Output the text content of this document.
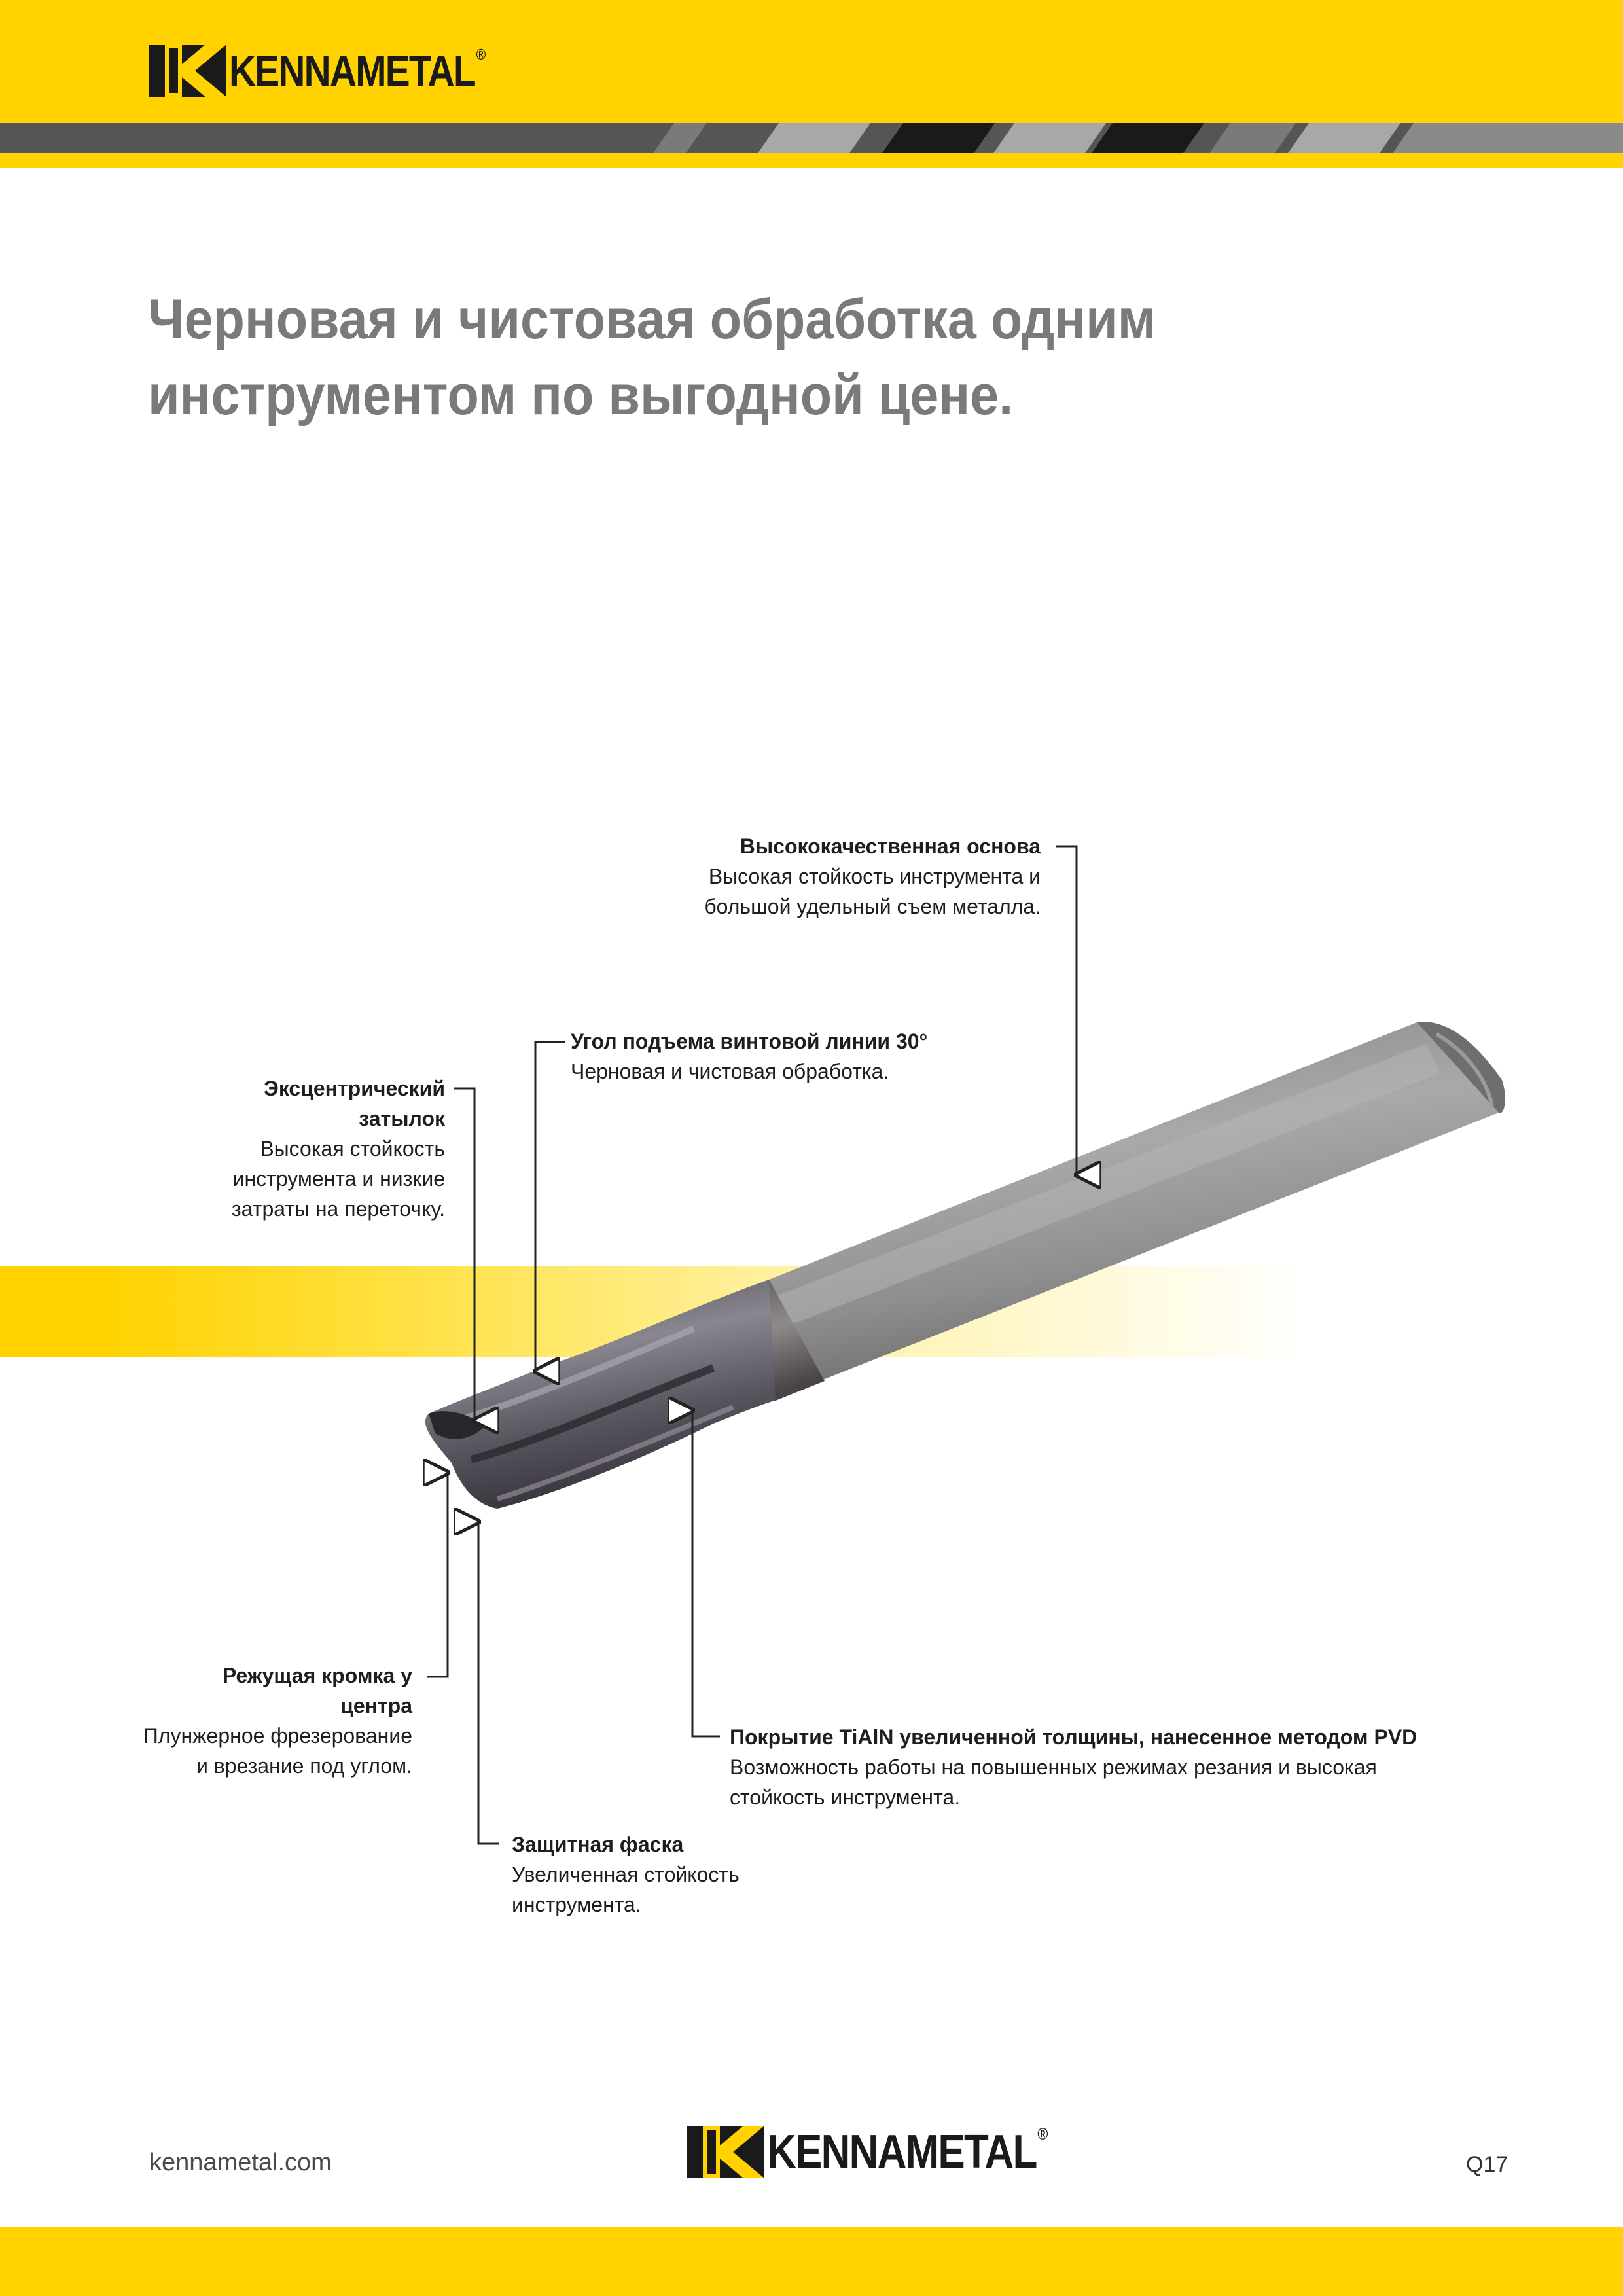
KENNAMETAL®
Черновая и чистовая обработка одним
инструментом по выгодной цене.
Высококачественная основа
Высокая стойкость инструмента и
большой удельный съем металла.
Угол подъема винтовой линии 30°
Черновая и чистовая обработка.
Эксцентрический
затылок
Высокая стойкость
инструмента и низкие
затраты на переточку.
Режущая кромка у
центра
Плунжерное фрезерование
и врезание под углом.
Покрытие TiAlN увеличенной толщины, нанесенное методом PVD
Возможность работы на повышенных режимах резания и высокая
стойкость инструмента.
Защитная фаска
Увеличенная стойкость
инструмента.
kennametal.com	KENNAMETAL®
Q17
